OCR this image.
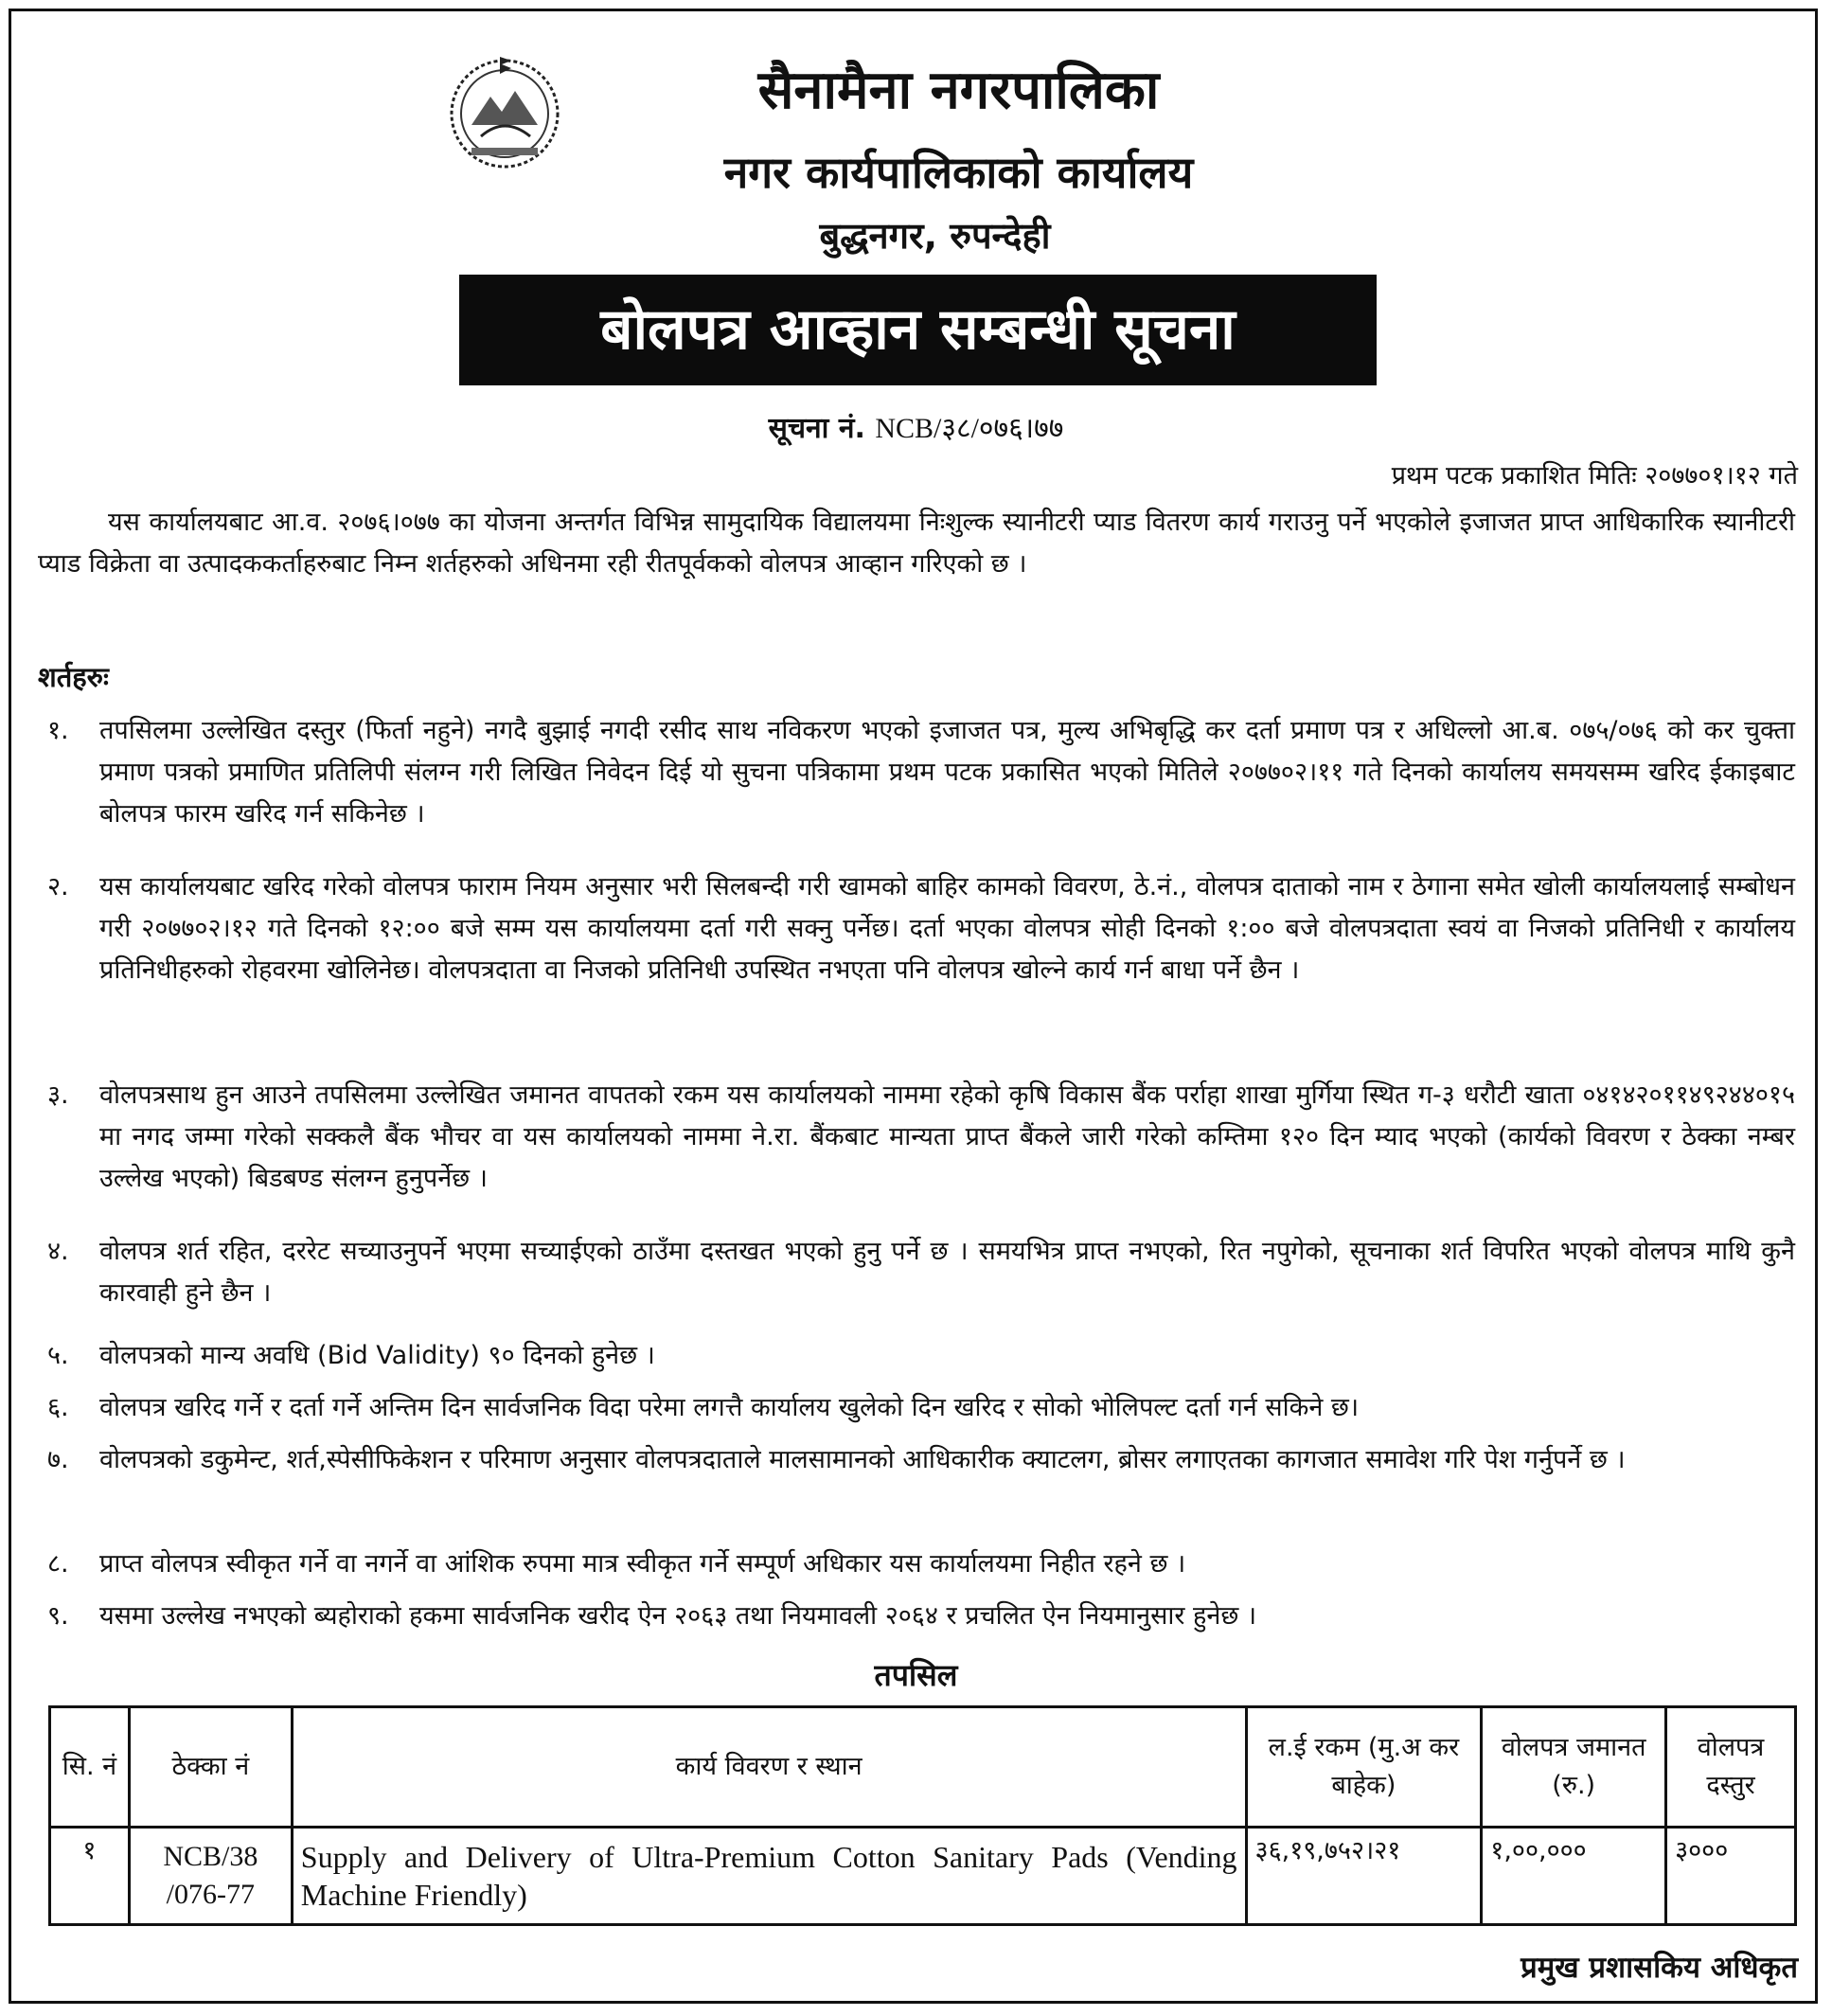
सैनामैना नगरपालिका
नगर कार्यपालिकाको कार्यालय
बुद्धनगर, रुपन्देही
बोलपत्र आव्हान सम्बन्धी सूचना
सूचना नं. NCB/३८/०७६।७७
प्रथम पटक प्रकाशित मितिः २०७७०१।१२ गते
यस कार्यालयबाट आ.व. २०७६।०७७ का योजना अन्तर्गत विभिन्न सामुदायिक विद्यालयमा निःशुल्क स्यानीटरी प्याड वितरण कार्य गराउनु पर्ने भएकोले इजाजत प्राप्त आधिकारिक स्यानीटरी प्याड विक्रेता वा उत्पादककर्ताहरुबाट निम्न शर्तहरुको अधिनमा रही रीतपूर्वकको वोलपत्र आव्हान गरिएको छ ।
शर्तहरुः
१. तपसिलमा उल्लेखित दस्तुर (फिर्ता नहुने) नगदै बुझाई नगदी रसीद साथ नविकरण भएको इजाजत पत्र, मुल्य अभिबृद्धि कर दर्ता प्रमाण पत्र र अधिल्लो आ.ब. ०७५/०७६ को कर चुक्ता प्रमाण पत्रको प्रमाणित प्रतिलिपी संलग्न गरी लिखित निवेदन दिई यो सुचना पत्रिकामा प्रथम पटक प्रकासित भएको मितिले २०७७०२।११ गते दिनको कार्यालय समयसम्म खरिद ईकाइबाट बोलपत्र फारम खरिद गर्न सकिनेछ ।
२. यस कार्यालयबाट खरिद गरेको वोलपत्र फाराम नियम अनुसार भरी सिलबन्दी गरी खामको बाहिर कामको विवरण, ठे.नं., वोलपत्र दाताको नाम र ठेगाना समेत खोली कार्यालयलाई सम्बोधन गरी २०७७०२।१२ गते दिनको १२:०० बजे सम्म यस कार्यालयमा दर्ता गरी सक्नु पर्नेछ। दर्ता भएका वोलपत्र सोही दिनको १:०० बजे वोलपत्रदाता स्वयं वा निजको प्रतिनिधी र कार्यालय प्रतिनिधीहरुको रोहवरमा खोलिनेछ। वोलपत्रदाता वा निजको प्रतिनिधी उपस्थित नभएता पनि वोलपत्र खोल्ने कार्य गर्न बाधा पर्ने छैन ।
३. वोलपत्रसाथ हुन आउने तपसिलमा उल्लेखित जमानत वापतको रकम यस कार्यालयको नाममा रहेको कृषि विकास बैंक पर्राहा शाखा मुर्गिया स्थित ग-३ धरौटी खाता ०४१४२०११४९२४४०१५ मा नगद जम्मा गरेको सक्कलै बैंक भौचर वा यस कार्यालयको नाममा ने.रा. बैंकबाट मान्यता प्राप्त बैंकले जारी गरेको कम्तिमा १२० दिन म्याद भएको (कार्यको विवरण र ठेक्का नम्बर उल्लेख भएको) बिडबण्ड संलग्न हुनुपर्नेछ ।
४. वोलपत्र शर्त रहित, दररेट सच्याउनुपर्ने भएमा सच्याईएको ठाउँमा दस्तखत भएको हुनु पर्ने छ । समयभित्र प्राप्त नभएको, रित नपुगेको, सूचनाका शर्त विपरित भएको वोलपत्र माथि कुनै कारवाही हुने छैन ।
५. वोलपत्रको मान्य अवधि (Bid Validity) ९० दिनको हुनेछ ।
६. वोलपत्र खरिद गर्ने र दर्ता गर्ने अन्तिम दिन सार्वजनिक विदा परेमा लगत्तै कार्यालय खुलेको दिन खरिद र सोको भोलिपल्ट दर्ता गर्न सकिने छ।
७. वोलपत्रको डकुमेन्ट, शर्त,स्पेसीफिकेशन र परिमाण अनुसार वोलपत्रदाताले मालसामानको आधिकारीक क्याटलग, ब्रोसर लगाएतका कागजात समावेश गरि पेश गर्नुपर्ने छ ।
८. प्राप्त वोलपत्र स्वीकृत गर्ने वा नगर्ने वा आंशिक रुपमा मात्र स्वीकृत गर्ने सम्पूर्ण अधिकार यस कार्यालयमा निहीत रहने छ ।
९. यसमा उल्लेख नभएको ब्यहोराको हकमा सार्वजनिक खरीद ऐन २०६३ तथा नियमावली २०६४ र प्रचलित ऐन नियमानुसार हुनेछ ।
तपसिल
सि. नं	ठेक्का नं	कार्य विवरण र स्थान	ल.ई रकम (मु.अ कर बाहेक)	वोलपत्र जमानत (रु.)	वोलपत्र दस्तुर
१	NCB/38 /076-77	Supply and Delivery of Ultra-Premium Cotton Sanitary Pads (Vending Machine Friendly)	३६,१९,७५२।२१	१,००,०००	३०००
प्रमुख प्रशासकिय अधिकृत
